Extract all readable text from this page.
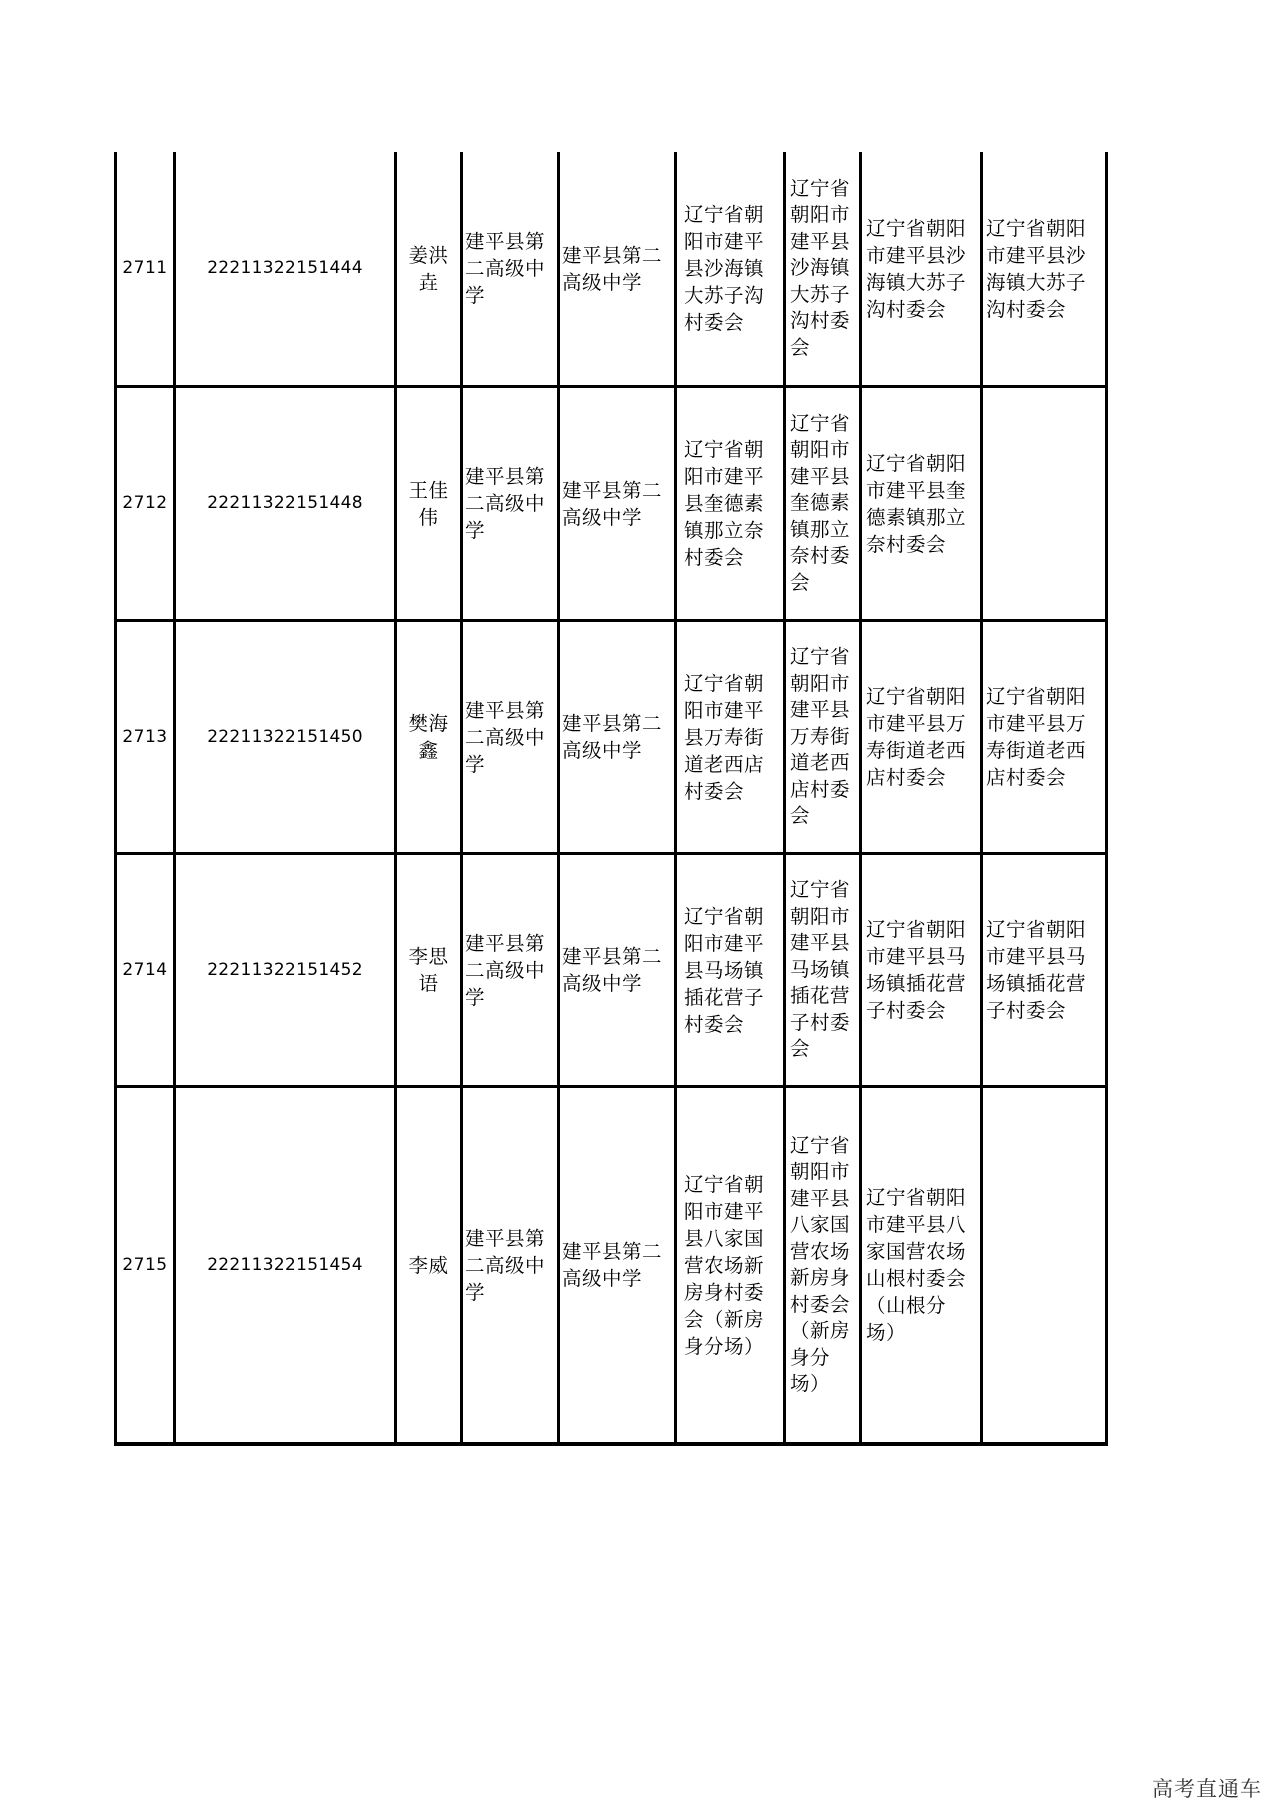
2711 22211322151444
姜洪
垚
建平县第
二高级中
学
建平县第二
高级中学
辽宁省朝
阳市建平
县沙海镇
大苏子沟
村委会
辽宁省
朝阳市
建平县
沙海镇
大苏子
沟村委
会
辽宁省朝阳
市建平县沙
海镇大苏子
沟村委会
辽宁省朝阳
市建平县沙
海镇大苏子
沟村委会
2712 22211322151448
王佳
伟
建平县第
二高级中
学
建平县第二
高级中学
辽宁省朝
阳市建平
县奎德素
镇那立奈
村委会
辽宁省
朝阳市
建平县
奎德素
镇那立
奈村委
会
辽宁省朝阳
市建平县奎
德素镇那立
奈村委会
2713 22211322151450
樊海
鑫
建平县第
二高级中
学
建平县第二
高级中学
辽宁省朝
阳市建平
县万寿街
道老西店
村委会
辽宁省
朝阳市
建平县
万寿街
道老西
店村委
会
辽宁省朝阳
市建平县万
寿街道老西
店村委会
辽宁省朝阳
市建平县万
寿街道老西
店村委会
2714 22211322151452
李思
语
建平县第
二高级中
学
建平县第二
高级中学
辽宁省朝
阳市建平
县马场镇
插花营子
村委会
辽宁省
朝阳市
建平县
马场镇
插花营
子村委
会
辽宁省朝阳
市建平县马
场镇插花营
子村委会
辽宁省朝阳
市建平县马
场镇插花营
子村委会
2715 22211322151454 李威
建平县第
二高级中
学
建平县第二
高级中学
辽宁省朝
阳市建平
县八家国
营农场新
房身村委
会（新房
身分场）
辽宁省
朝阳市
建平县
八家国
营农场
新房身
村委会
（新房
身分
场）
辽宁省朝阳
市建平县八
家国营农场
山根村委会
（山根分
场）
高考直通车
